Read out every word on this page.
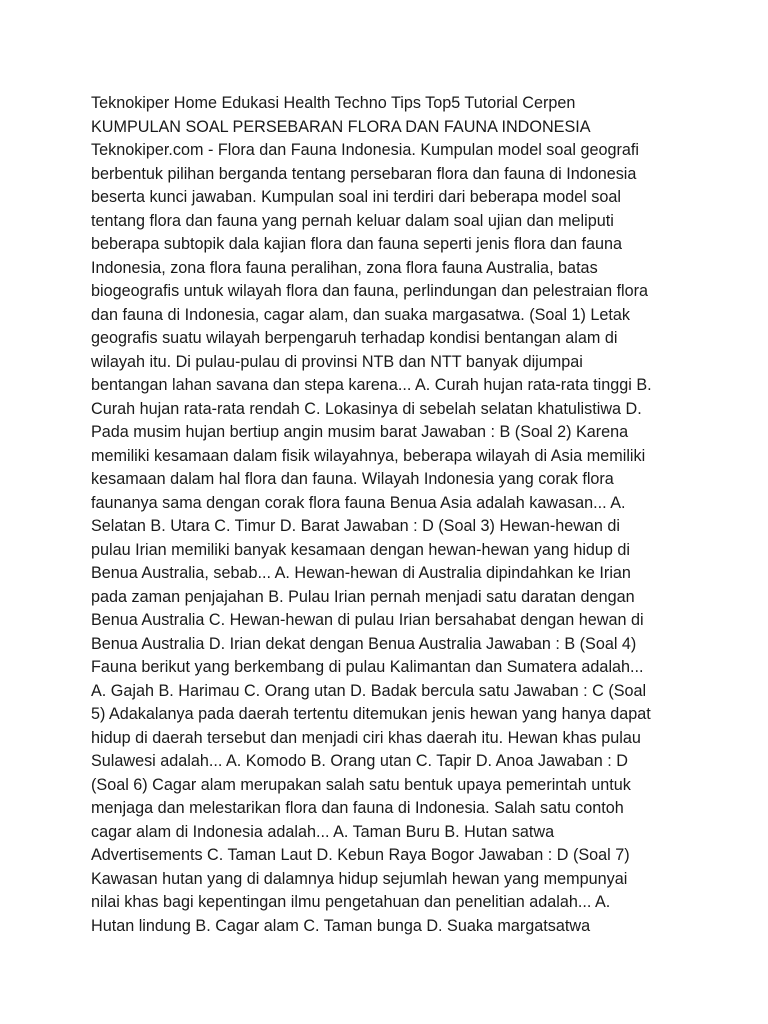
Teknokiper Home Edukasi Health Techno Tips Top5 Tutorial Cerpen
KUMPULAN SOAL PERSEBARAN FLORA DAN FAUNA INDONESIA
Teknokiper.com - Flora dan Fauna Indonesia. Kumpulan model soal geografi
berbentuk pilihan berganda tentang persebaran flora dan fauna di Indonesia
beserta kunci jawaban. Kumpulan soal ini terdiri dari beberapa model soal
tentang flora dan fauna yang pernah keluar dalam soal ujian dan meliputi
beberapa subtopik dala kajian flora dan fauna seperti jenis flora dan fauna
Indonesia, zona flora fauna peralihan, zona flora fauna Australia, batas
biogeografis untuk wilayah flora dan fauna, perlindungan dan pelestraian flora
dan fauna di Indonesia, cagar alam, dan suaka margasatwa. (Soal 1) Letak
geografis suatu wilayah berpengaruh terhadap kondisi bentangan alam di
wilayah itu. Di pulau-pulau di provinsi NTB dan NTT banyak dijumpai
bentangan lahan savana dan stepa karena... A. Curah hujan rata-rata tinggi B.
Curah hujan rata-rata rendah C. Lokasinya di sebelah selatan khatulistiwa D.
Pada musim hujan bertiup angin musim barat Jawaban : B (Soal 2) Karena
memiliki kesamaan dalam fisik wilayahnya, beberapa wilayah di Asia memiliki
kesamaan dalam hal flora dan fauna. Wilayah Indonesia yang corak flora
faunanya sama dengan corak flora fauna Benua Asia adalah kawasan... A.
Selatan B. Utara C. Timur D. Barat Jawaban : D (Soal 3) Hewan-hewan di
pulau Irian memiliki banyak kesamaan dengan hewan-hewan yang hidup di
Benua Australia, sebab... A. Hewan-hewan di Australia dipindahkan ke Irian
pada zaman penjajahan B. Pulau Irian pernah menjadi satu daratan dengan
Benua Australia C. Hewan-hewan di pulau Irian bersahabat dengan hewan di
Benua Australia D. Irian dekat dengan Benua Australia Jawaban : B (Soal 4)
Fauna berikut yang berkembang di pulau Kalimantan dan Sumatera adalah...
A. Gajah B. Harimau C. Orang utan D. Badak bercula satu Jawaban : C (Soal
5) Adakalanya pada daerah tertentu ditemukan jenis hewan yang hanya dapat
hidup di daerah tersebut dan menjadi ciri khas daerah itu. Hewan khas pulau
Sulawesi adalah... A. Komodo B. Orang utan C. Tapir D. Anoa Jawaban : D
(Soal 6) Cagar alam merupakan salah satu bentuk upaya pemerintah untuk
menjaga dan melestarikan flora dan fauna di Indonesia. Salah satu contoh
cagar alam di Indonesia adalah... A. Taman Buru B. Hutan satwa
Advertisements C. Taman Laut D. Kebun Raya Bogor Jawaban : D (Soal 7)
Kawasan hutan yang di dalamnya hidup sejumlah hewan yang mempunyai
nilai khas bagi kepentingan ilmu pengetahuan dan penelitian adalah... A.
Hutan lindung B. Cagar alam C. Taman bunga D. Suaka margatsatwa
